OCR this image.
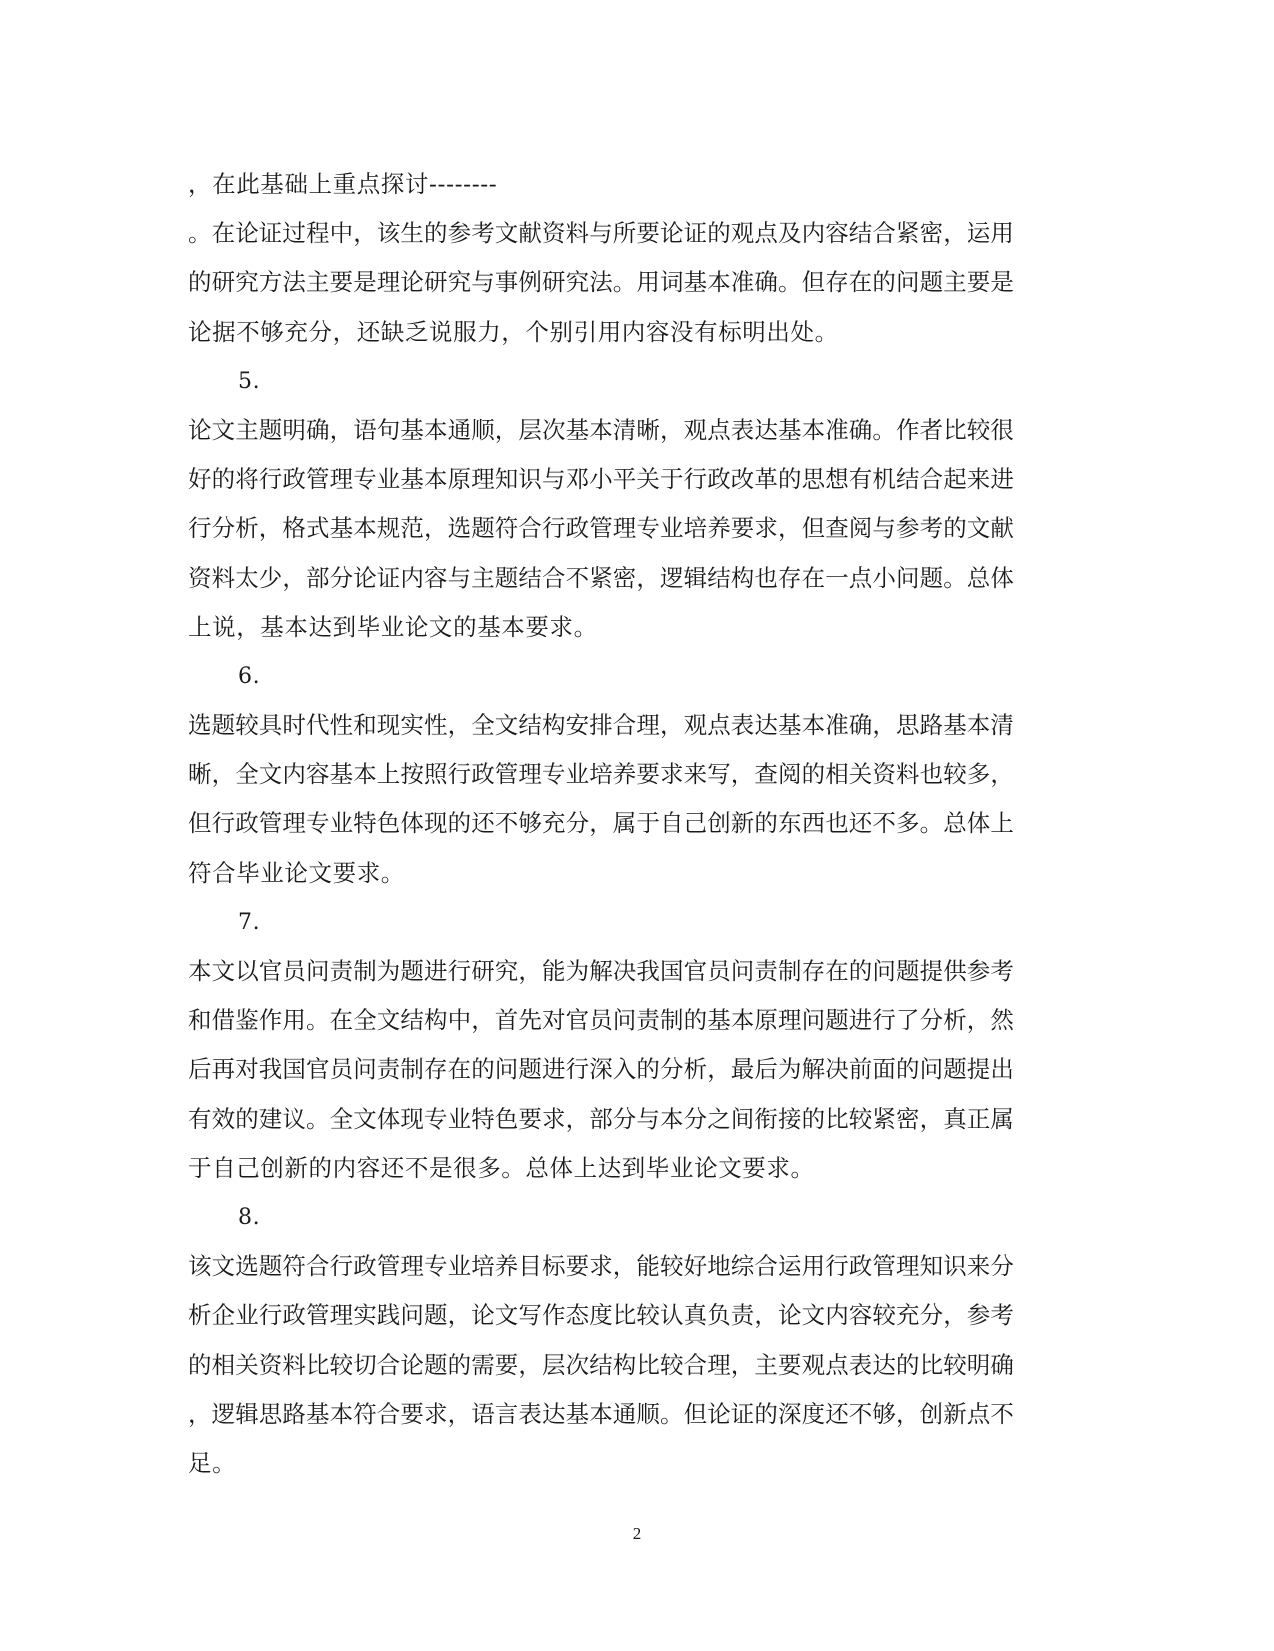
，在此基础上重点探讨--------
。在论证过程中，该生的参考文献资料与所要论证的观点及内容结合紧密，运用
的研究方法主要是理论研究与事例研究法。用词基本准确。但存在的问题主要是
论据不够充分，还缺乏说服力，个别引用内容没有标明出处。
5.
论文主题明确，语句基本通顺，层次基本清晰，观点表达基本准确。作者比较很
好的将行政管理专业基本原理知识与邓小平关于行政改革的思想有机结合起来进
行分析，格式基本规范，选题符合行政管理专业培养要求，但查阅与参考的文献
资料太少，部分论证内容与主题结合不紧密，逻辑结构也存在一点小问题。总体
上说，基本达到毕业论文的基本要求。
6.
选题较具时代性和现实性，全文结构安排合理，观点表达基本准确，思路基本清
晰，全文内容基本上按照行政管理专业培养要求来写，查阅的相关资料也较多，
但行政管理专业特色体现的还不够充分，属于自己创新的东西也还不多。总体上
符合毕业论文要求。
7.
本文以官员问责制为题进行研究，能为解决我国官员问责制存在的问题提供参考
和借鉴作用。在全文结构中，首先对官员问责制的基本原理问题进行了分析，然
后再对我国官员问责制存在的问题进行深入的分析，最后为解决前面的问题提出
有效的建议。全文体现专业特色要求，部分与本分之间衔接的比较紧密，真正属
于自己创新的内容还不是很多。总体上达到毕业论文要求。
8.
该文选题符合行政管理专业培养目标要求，能较好地综合运用行政管理知识来分
析企业行政管理实践问题，论文写作态度比较认真负责，论文内容较充分，参考
的相关资料比较切合论题的需要，层次结构比较合理，主要观点表达的比较明确
，逻辑思路基本符合要求，语言表达基本通顺。但论证的深度还不够，创新点不
足。
2
